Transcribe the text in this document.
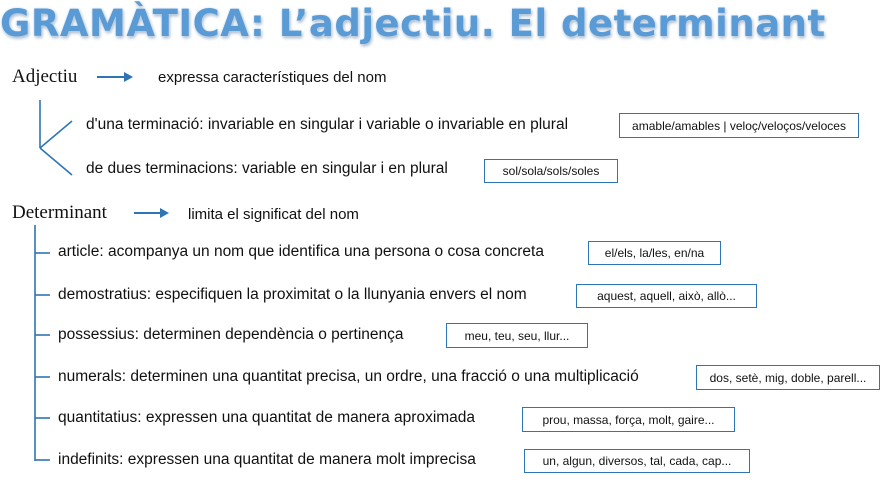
GRAMÀTICA: L’adjectiu. El determinant
Adjectiu	expressa característiques del nom
d'una terminació: invariable en singular i variable o invariable en plural	amable/amables | veloç/veloços/veloces
de dues terminacions: variable en singular i en plural	sol/sola/sols/soles
Determinant	limita el significat del nom
article: acompanya un nom que identifica una persona o cosa concreta	el/els, la/les, en/na
demostratius: especifiquen la proximitat o la llunyania envers el nom	aquest, aquell, això, allò...
possessius: determinen dependència o pertinença	meu, teu, seu, llur...
numerals: determinen una quantitat precisa, un ordre, una fracció o una multiplicació	dos, setè, mig, doble, parell...
quantitatius: expressen una quantitat de manera aproximada	prou, massa, força, molt, gaire...
indefinits: expressen una quantitat de manera molt imprecisa	un, algun, diversos, tal, cada, cap...
